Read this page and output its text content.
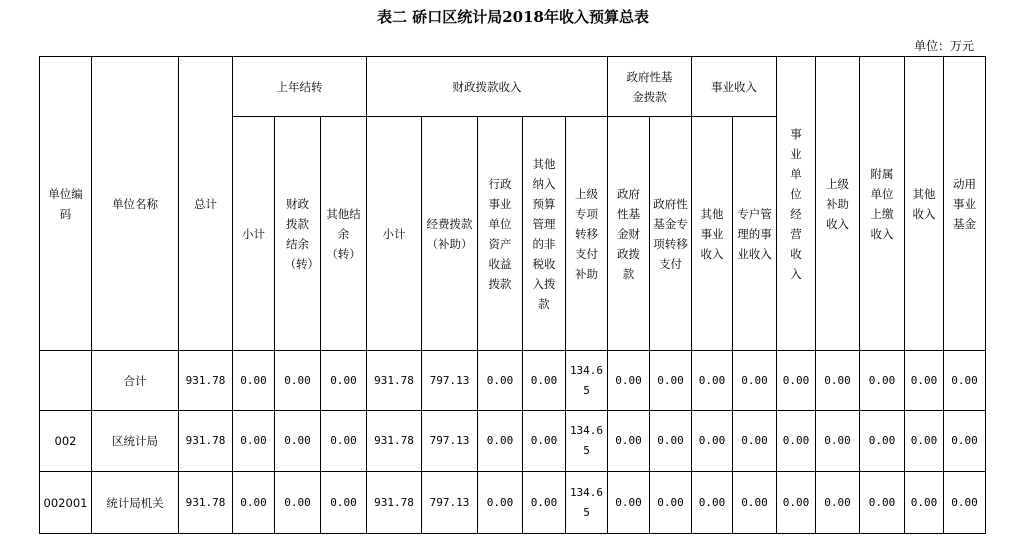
表二 硚口区统计局2018年收入预算总表
单位：万元
单位编码	单位名称	总计	上年结转			财政拨款收入					政府性基金拨款		事业收入		事业单位经营收入	上级补助收入	附属单位上缴收入	其他收入	动用事业基金

			小计	财政拨款结余（转）	其他结余（转）	小计	经费拨款（补助）	行政事业单位资产收益拨款	其他纳入预算管理的非税收入拨款	上级专项转移支付补助	政府性基金财政拨款	政府性基金专项转移支付	其他事业收入	专户管理的事业收入					

	合计	931.78	0.00	0.00	0.00	931.78	797.13	0.00	0.00	134.65	0.00	0.00	0.00	0.00	0.00	0.00	0.00	0.00	0.00
002	区统计局	931.78	0.00	0.00	0.00	931.78	797.13	0.00	0.00	134.65	0.00	0.00	0.00	0.00	0.00	0.00	0.00	0.00	0.00
002001	统计局机关	931.78	0.00	0.00	0.00	931.78	797.13	0.00	0.00	134.65	0.00	0.00	0.00	0.00	0.00	0.00	0.00	0.00	0.00
